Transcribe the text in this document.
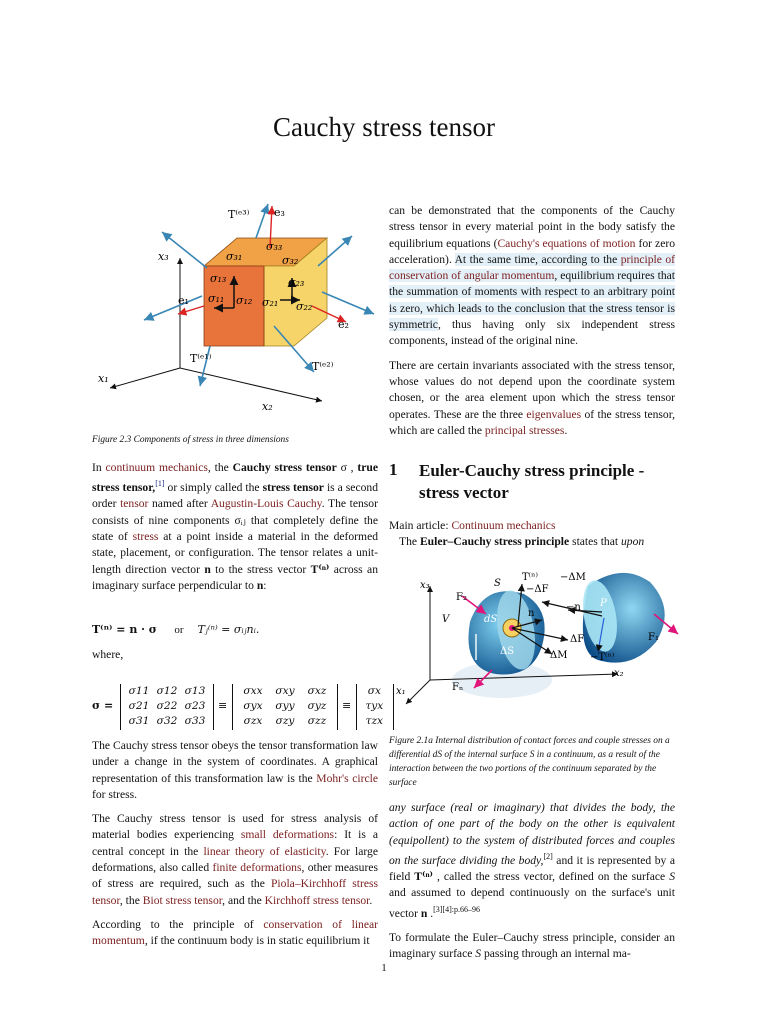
Cauchy stress tensor
x₃
x₁
x₂
σ₃₁
σ₃₃
σ₃₂
σ₁₃	σ₂₃
σ₁₁ σ₁₂ σ₂₁ σ₂₂
T⁽ᵉ³⁾ e₃
e₁
e₂
T⁽ᵉ¹⁾
T⁽ᵉ²⁾
Figure 2.3 Components of stress in three dimensions

In continuum mechanics, the Cauchy stress tensor σ , true stress tensor,[1] or simply called the stress tensor is a second order tensor named after Augustin-Louis Cauchy. The tensor consists of nine components σᵢⱼ that completely define the state of stress at a point inside a material in the deformed state, placement, or configuration. The tensor relates a unit-length direction vector n to the stress vector T⁽ⁿ⁾ across an imaginary surface perpendicular to n:

T⁽ⁿ⁾ = n · σ or Tⱼ⁽ⁿ⁾ = σᵢⱼnᵢ.
where,
σ =
σ11 σ12 σ13
σ21 σ22 σ23
σ31 σ32 σ33
≡
σxx	σxy	σxz
σyx	σyy	σyz
σzx	σzy	σzz
≡
σx
τyx
τzx

The Cauchy stress tensor obeys the tensor transformation law under a change in the system of coordinates. A graphical representation of this transformation law is the Mohr's circle for stress.

The Cauchy stress tensor is used for stress analysis of material bodies experiencing small deformations: It is a central concept in the linear theory of elasticity. For large deformations, also called finite deformations, other measures of stress are required, such as the Piola–Kirchhoff stress tensor, the Biot stress tensor, and the Kirchhoff stress tensor.

According to the principle of conservation of linear momentum, if the continuum body is in static equilibrium it

can be demonstrated that the components of the Cauchy stress tensor in every material point in the body satisfy the equilibrium equations (Cauchy's equations of motion for zero acceleration). At the same time, according to the principle of conservation of angular momentum, equilibrium requires that the summation of moments with respect to an arbitrary point is zero, which leads to the conclusion that the stress tensor is symmetric, thus having only six independent stress components, instead of the original nine.

There are certain invariants associated with the stress tensor, whose values do not depend upon the coordinate system chosen, or the area element upon which the stress tensor operates. These are the three eigenvalues of the stress tensor, which are called the principal stresses.

1	Euler-Cauchy stress principle - stress vector
Main article: Continuum mechanics
The Euler–Cauchy stress principle states that upon
x₃
x₂
x₁
V
S
dS
P
F₂
F₁
Fₙ
ρb	ΔS
n
−n
T⁽ⁿ⁾ −ΔM
−ΔF
ΔF
ΔM −T⁽ⁿ⁾
Figure 2.1a Internal distribution of contact forces and couple stresses on a differential dS of the internal surface S in a continuum, as a result of the interaction between the two portions of the continuum separated by the surface

any surface (real or imaginary) that divides the body, the action of one part of the body on the other is equivalent (equipollent) to the system of distributed forces and couples on the surface dividing the body,[2] and it is represented by a field T⁽ⁿ⁾ , called the stress vector, defined on the surface S and assumed to depend continuously on the surface's unit vector n .$^{[3][4]:p.66-96}$

To formulate the Euler–Cauchy stress principle, consider an imaginary surface S passing through an internal ma-

1
